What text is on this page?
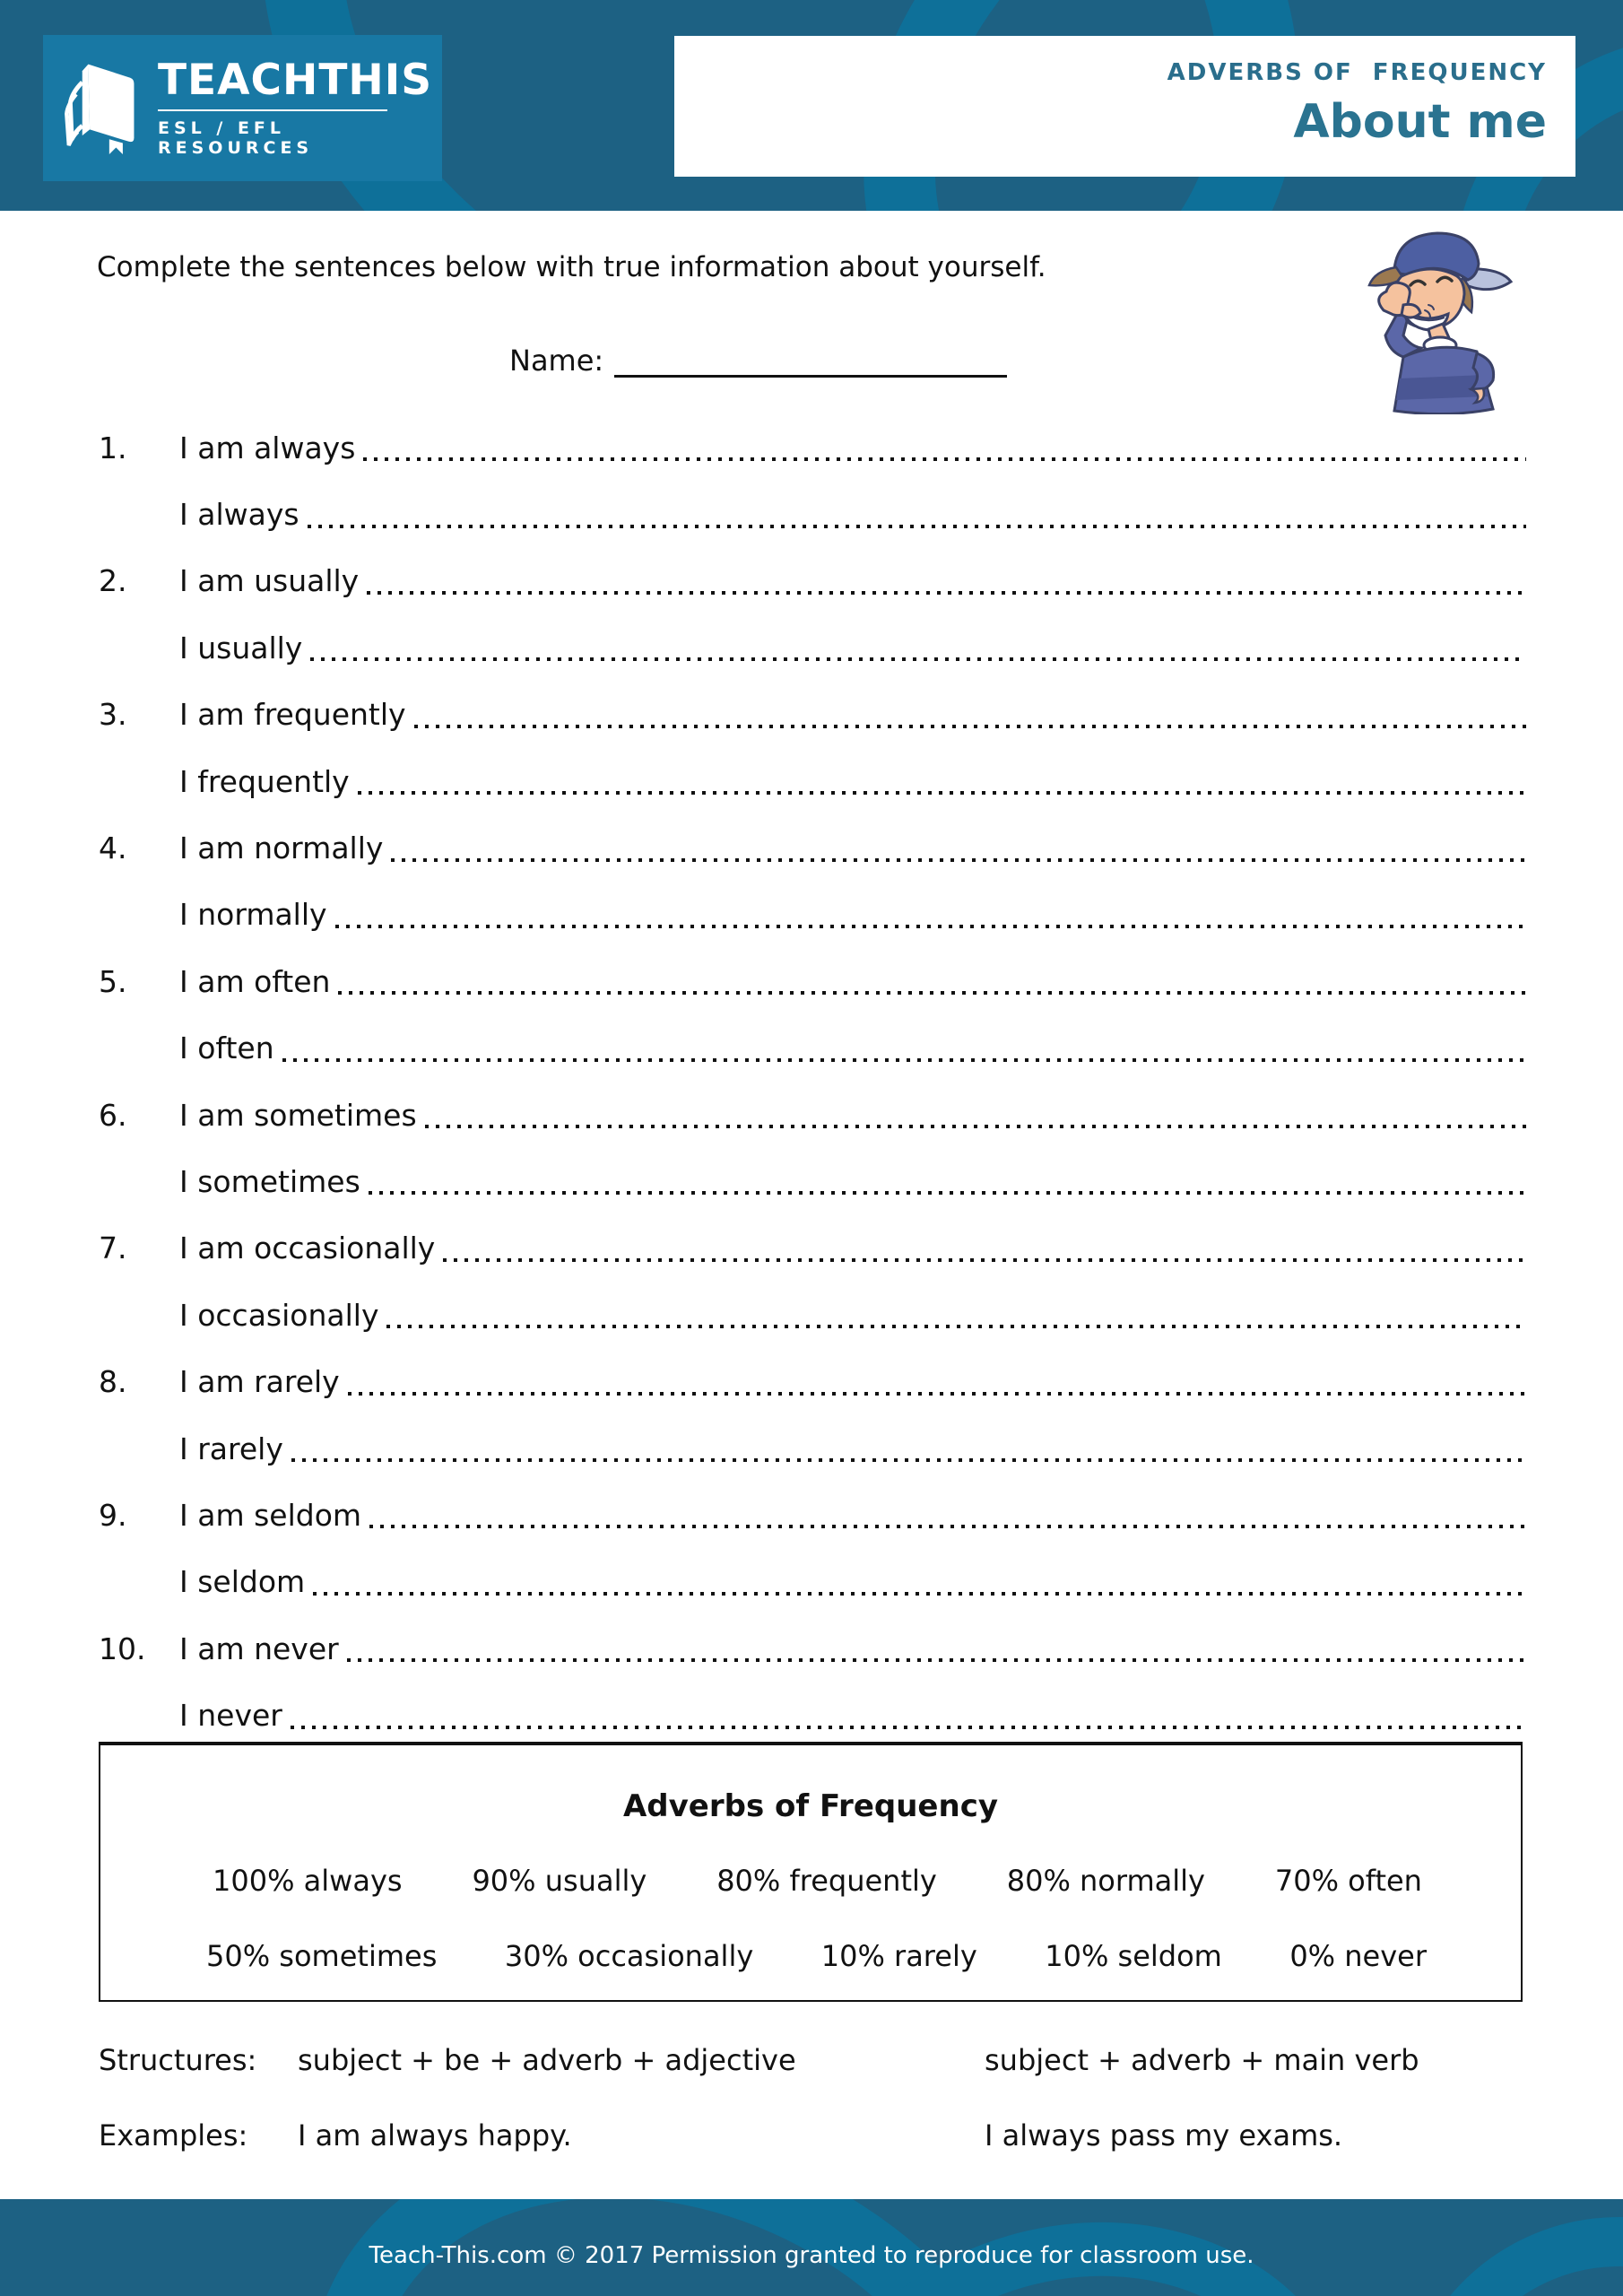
TEACHTHIS
ESL / EFL RESOURCES
ADVERBS OF  FREQUENCY
About me
Complete the sentences below with true information about yourself.
Name:
1.	I am always
I always
2.	I am usually
I usually
3.	I am frequently
I frequently
4.	I am normally
I normally
5.	I am often
I often
6.	I am sometimes
I sometimes
7.	I am occasionally
I occasionally
8.	I am rarely
I rarely
9.	I am seldom
I seldom
10.	I am never
I never
Adverbs of Frequency
100% always 90% usually 80% frequently 80% normally 70% often
50% sometimes 30% occasionally 10% rarely 10% seldom 0% never
Structures:	subject + be + adverb + adjective	subject + adverb + main verb
Examples:	I am always happy.	I always pass my exams.
Teach-This.com © 2017 Permission granted to reproduce for classroom use.
